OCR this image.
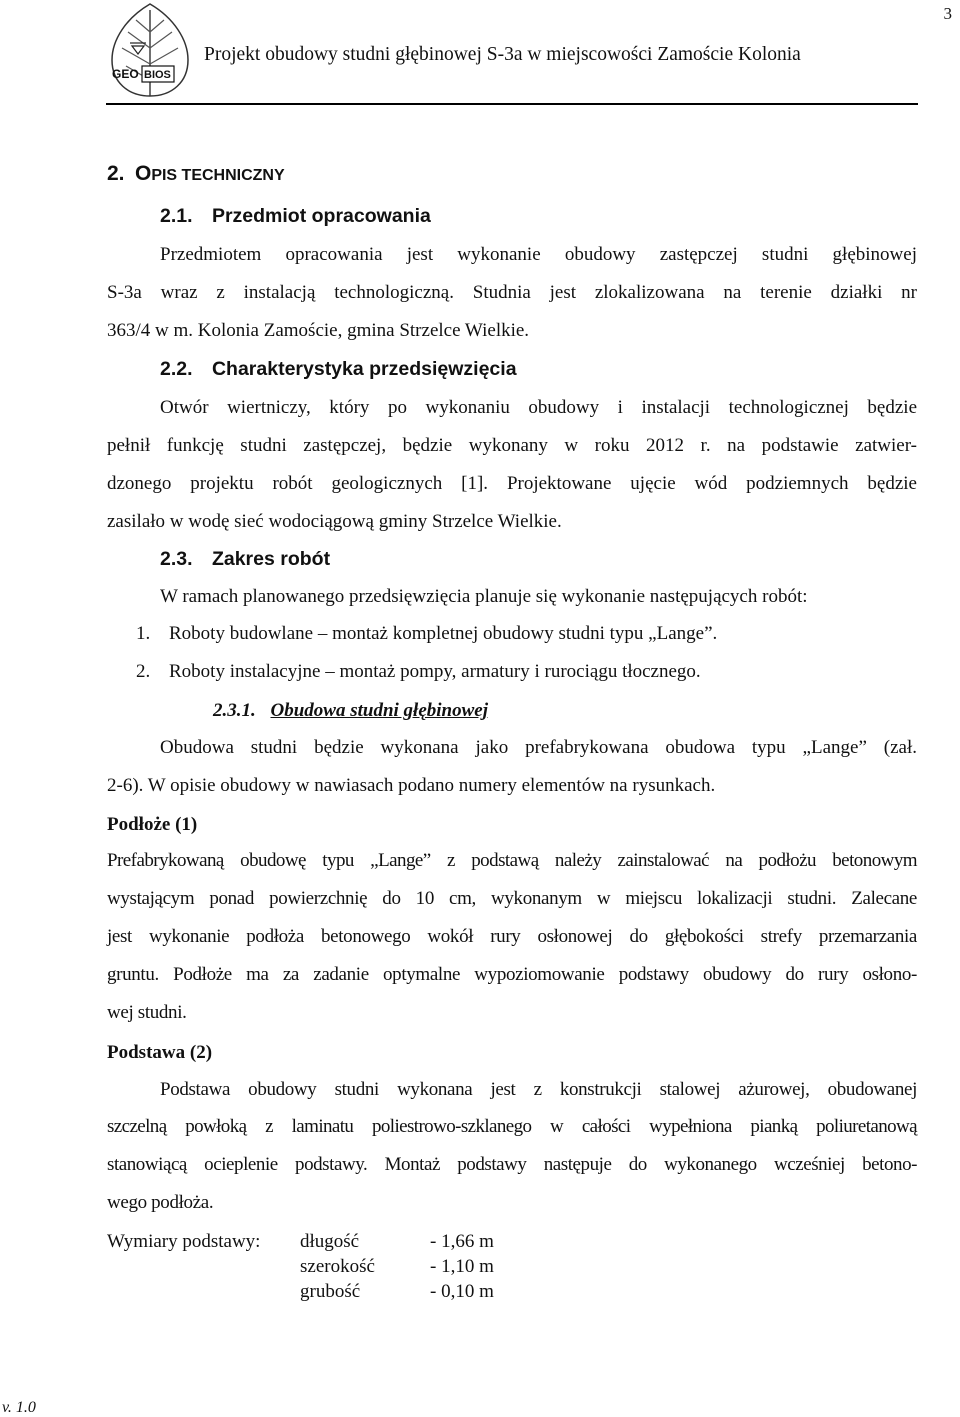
3
GEO BIOS
Projekt obudowy studni głębinowej S-3a w miejscowości Zamoście Kolonia
2. OPIS TECHNICZNY
2.1. Przedmiot opracowania
Przedmiotem opracowania jest wykonanie obudowy zastępczej studni głębinowej
S-3a wraz z instalacją technologiczną. Studnia jest zlokalizowana na terenie działki nr
363/4 w m. Kolonia Zamoście, gmina Strzelce Wielkie.
2.2. Charakterystyka przedsięwzięcia
Otwór wiertniczy, który po wykonaniu obudowy i instalacji technologicznej będzie
pełnił funkcję studni zastępczej, będzie wykonany w roku 2012 r. na podstawie zatwier-
dzonego projektu robót geologicznych [1]. Projektowane ujęcie wód podziemnych będzie
zasilało w wodę sieć wodociągową gminy Strzelce Wielkie.
2.3. Zakres robót
W ramach planowanego przedsięwzięcia planuje się wykonanie następujących robót:
1. Roboty budowlane – montaż kompletnej obudowy studni typu „Lange”.
2. Roboty instalacyjne – montaż pompy, armatury i rurociągu tłocznego.
2.3.1. Obudowa studni głębinowej
Obudowa studni będzie wykonana jako prefabrykowana obudowa typu „Lange” (zał.
2-6). W opisie obudowy w nawiasach podano numery elementów na rysunkach.
Podłoże (1)
Prefabrykowaną obudowę typu „Lange” z podstawą należy zainstalować na podłożu betonowym
wystającym ponad powierzchnię do 10 cm, wykonanym w miejscu lokalizacji studni. Zalecane
jest wykonanie podłoża betonowego wokół rury osłonowej do głębokości strefy przemarzania
gruntu. Podłoże ma za zadanie optymalne wypoziomowanie podstawy obudowy do rury osłono-
wej studni.
Podstawa (2)
Podstawa obudowy studni wykonana jest z konstrukcji stalowej ażurowej, obudowanej
szczelną powłoką z laminatu poliestrowo-szklanego w całości wypełniona pianką poliuretanową
stanowiącą ocieplenie podstawy. Montaż podstawy następuje do wykonanego wcześniej betono-
wego podłoża.
Wymiary podstawy: długość	- 1,66 m
szerokość	- 1,10 m
grubość	- 0,10 m
v. 1.0
